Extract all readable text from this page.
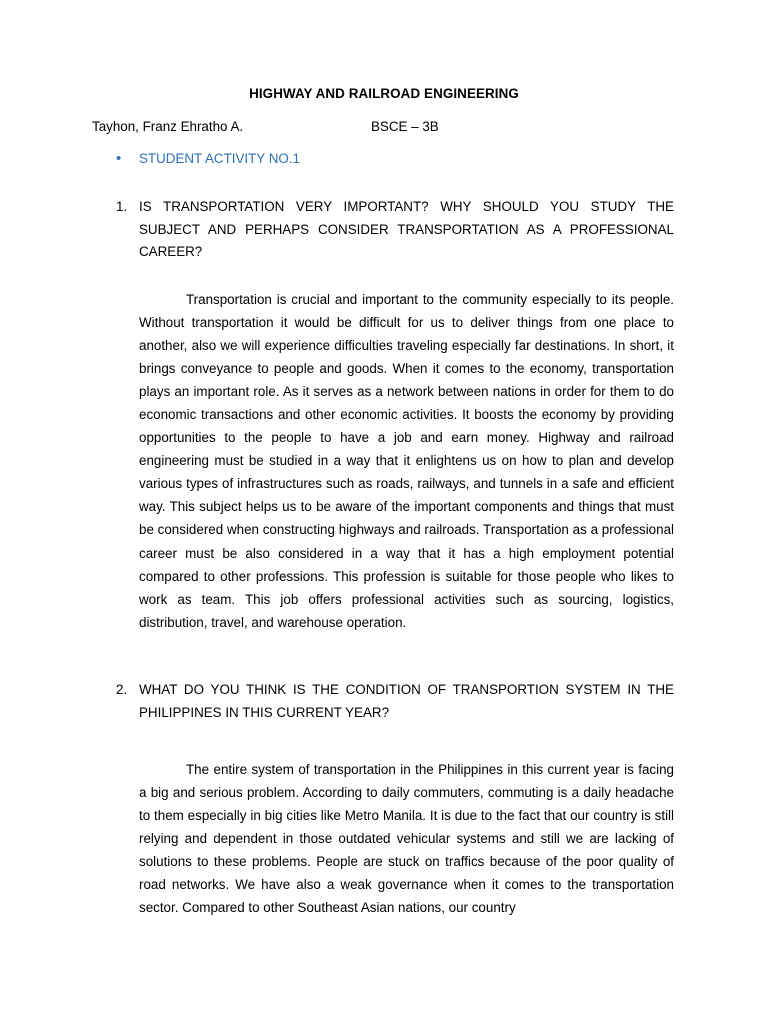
HIGHWAY AND RAILROAD ENGINEERING
Tayhon, Franz Ehratho A.	BSCE – 3B
• STUDENT ACTIVITY NO.1
1. IS TRANSPORTATION VERY IMPORTANT? WHY SHOULD YOU STUDY THE SUBJECT AND PERHAPS CONSIDER TRANSPORTATION AS A PROFESSIONAL CAREER?

Transportation is crucial and important to the community especially to its people. Without transportation it would be difficult for us to deliver things from one place to another, also we will experience difficulties traveling especially far destinations. In short, it brings conveyance to people and goods. When it comes to the economy, transportation plays an important role. As it serves as a network between nations in order for them to do economic transactions and other economic activities. It boosts the economy by providing opportunities to the people to have a job and earn money. Highway and railroad engineering must be studied in a way that it enlightens us on how to plan and develop various types of infrastructures such as roads, railways, and tunnels in a safe and efficient way. This subject helps us to be aware of the important components and things that must be considered when constructing highways and railroads. Transportation as a professional career must be also considered in a way that it has a high employment potential compared to other professions. This profession is suitable for those people who likes to work as team. This job offers professional activities such as sourcing, logistics, distribution, travel, and warehouse operation.

2. WHAT DO YOU THINK IS THE CONDITION OF TRANSPORTION SYSTEM IN THE PHILIPPINES IN THIS CURRENT YEAR?

The entire system of transportation in the Philippines in this current year is facing a big and serious problem. According to daily commuters, commuting is a daily headache to them especially in big cities like Metro Manila. It is due to the fact that our country is still relying and dependent in those outdated vehicular systems and still we are lacking of solutions to these problems. People are stuck on traffics because of the poor quality of road networks. We have also a weak governance when it comes to the transportation sector. Compared to other Southeast Asian nations, our country
